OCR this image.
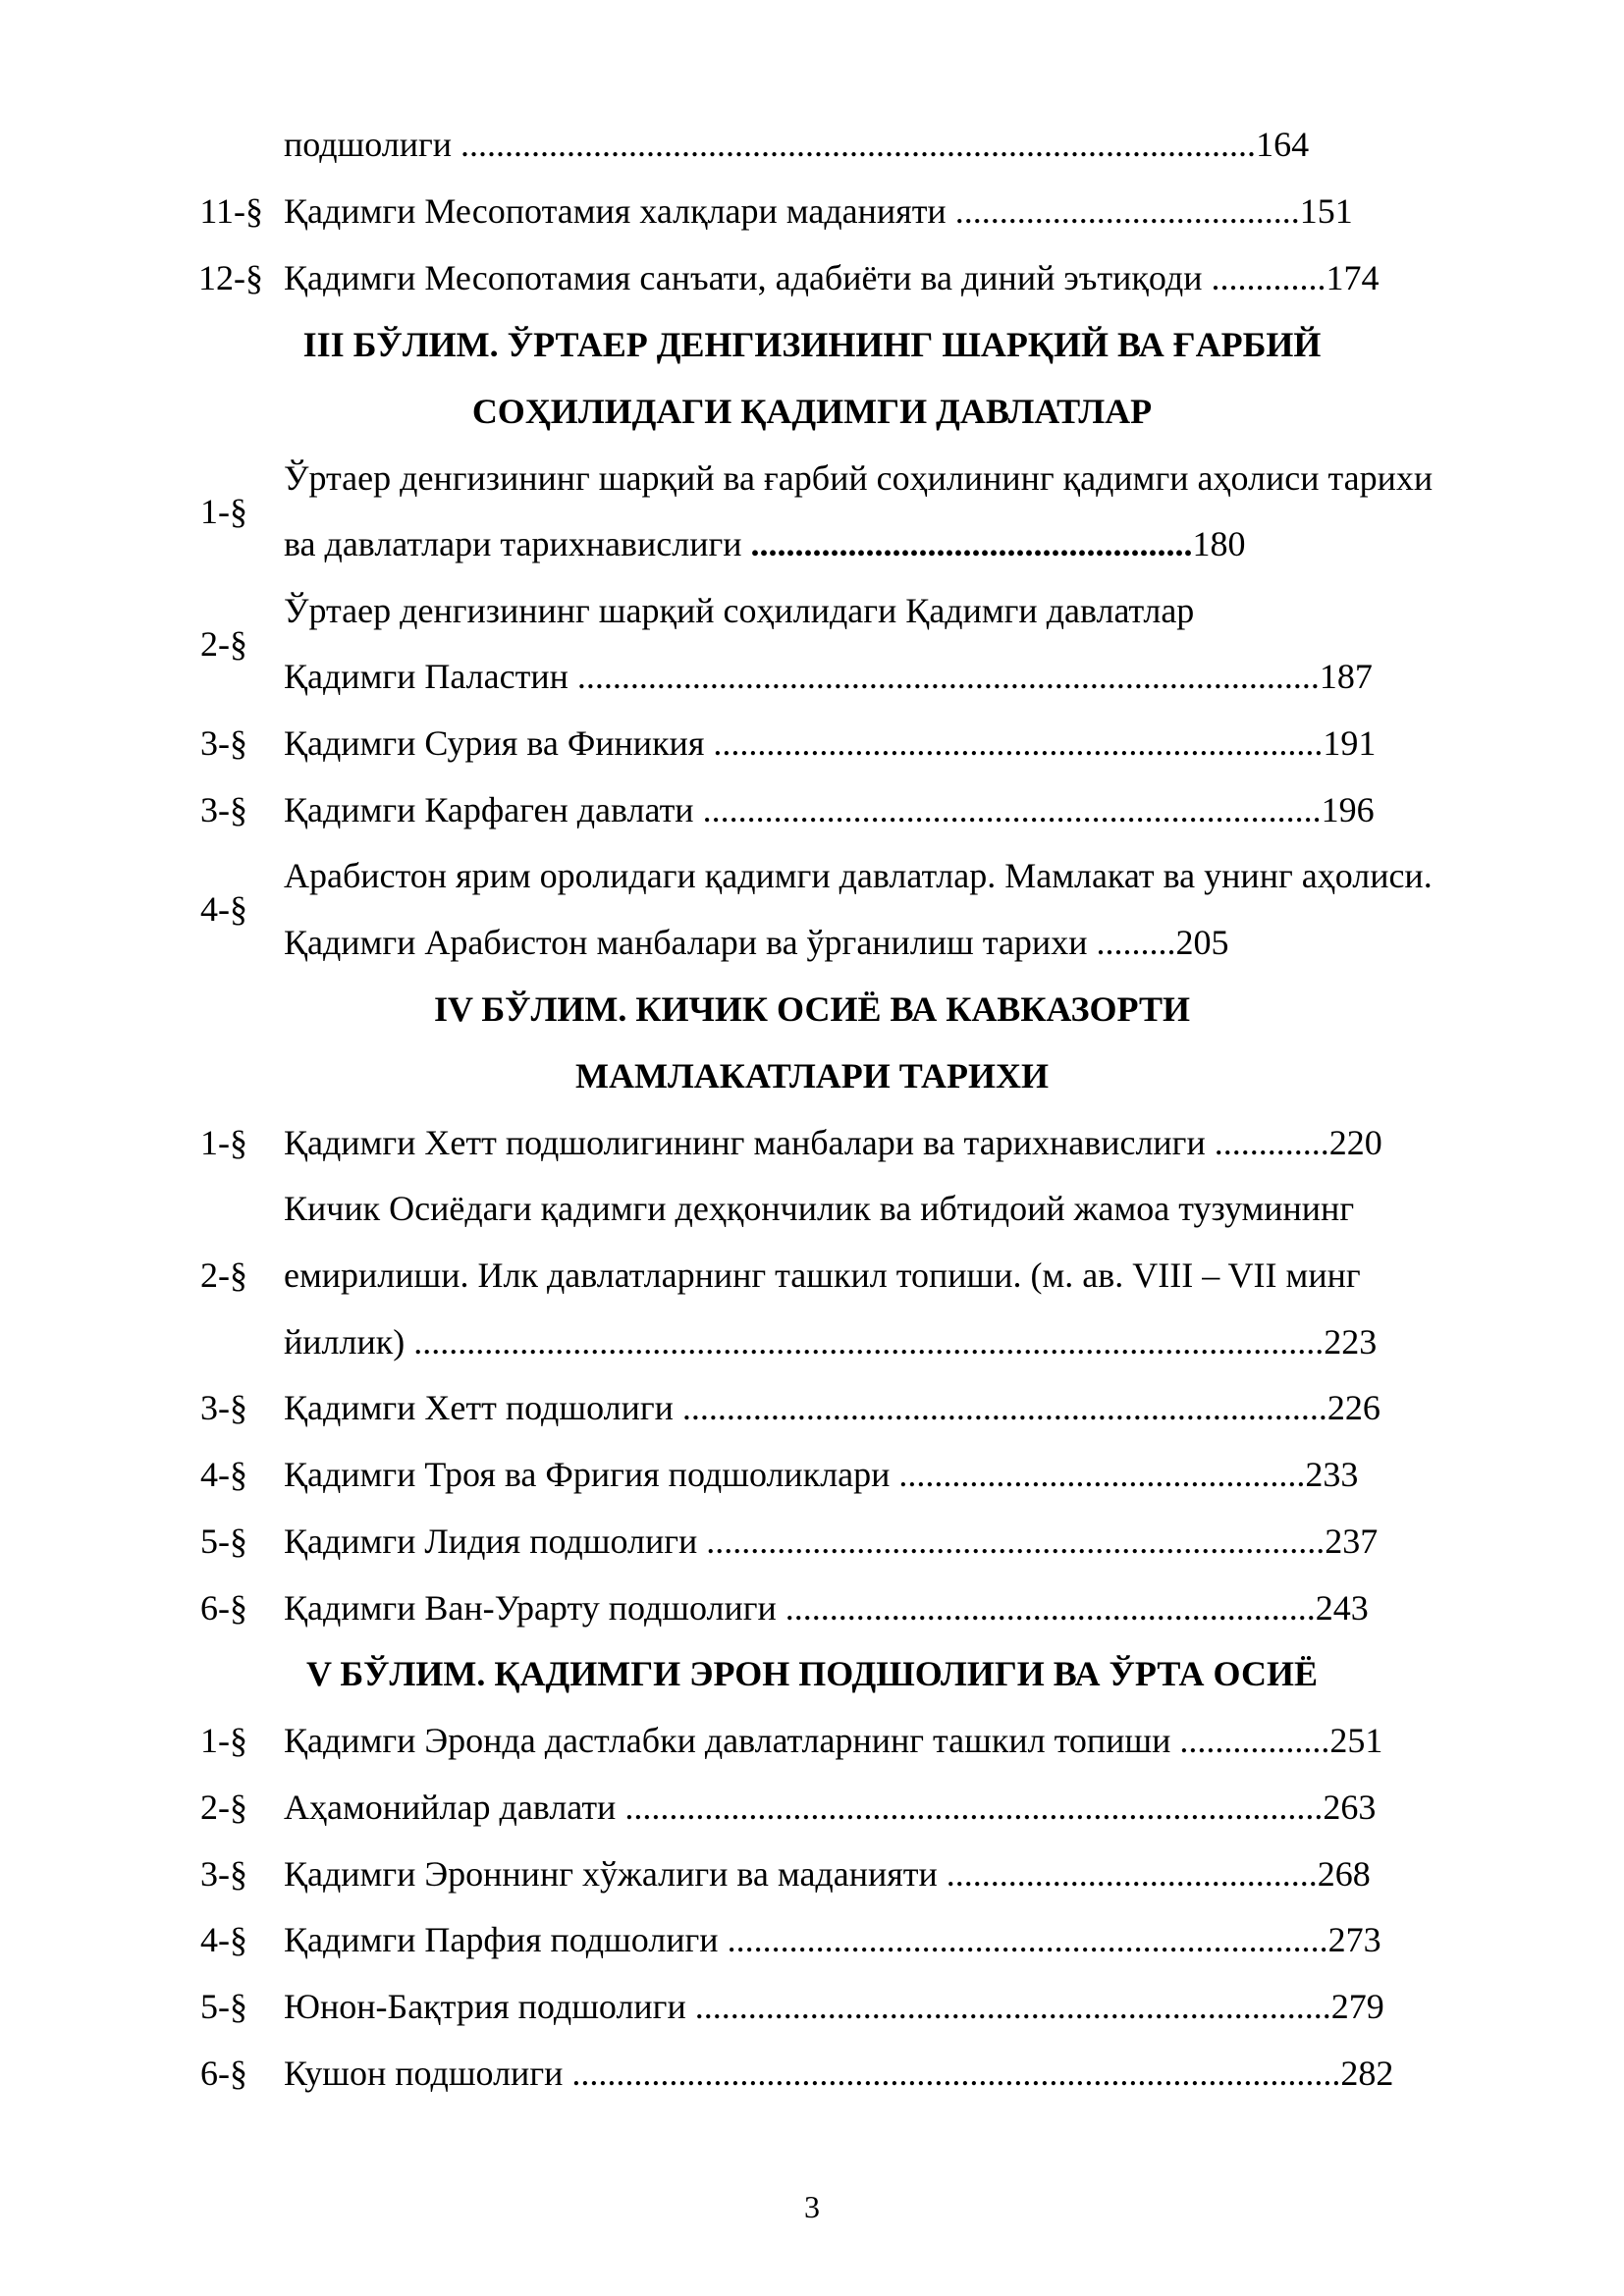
подшолиги ..........................................................................................164
11-§ Қадимги Месопотамия халқлари маданияти .......................................151
12-§ Қадимги Месопотамия санъати, адабиёти ва диний эътиқоди .............174
III БЎЛИМ. ЎРТАЕР ДЕНГИЗИНИНГ ШАРҚИЙ ВА ҒАРБИЙ
СОҲИЛИДАГИ ҚАДИМГИ ДАВЛАТЛАР
1-§
Ўртаер денгизининг шарқий ва ғарбий соҳилининг қадимги аҳолиси тарихи
ва давлатлари тарихнавислиги ..................................................180
2-§
Ўртаер денгизининг шарқий соҳилидаги Қадимги давлатлар
Қадимги Паластин ....................................................................................187
3-§ Қадимги Сурия ва Финикия .....................................................................191
3-§ Қадимги Карфаген давлати ......................................................................196
4-§
Арабистон ярим оролидаги қадимги давлатлар. Мамлакат ва унинг аҳолиси.
Қадимги Арабистон манбалари ва ўрганилиш тарихи .........205
IV БЎЛИМ. КИЧИК ОСИЁ ВА КАВКАЗОРТИ
МАМЛАКАТЛАРИ ТАРИХИ
1-§ Қадимги Хетт подшолигининг манбалари ва тарихнавислиги .............220
2-§
Кичик Осиёдаги қадимги деҳқончилик ва ибтидоий жамоа тузумининг
емирилиши. Илк давлатларнинг ташкил топиши. (м. ав. VIII – VII минг
йиллик) .......................................................................................................223
3-§ Қадимги Хетт подшолиги .........................................................................226
4-§ Қадимги Троя ва Фригия подшоликлари ..............................................233
5-§ Қадимги Лидия подшолиги ......................................................................237
6-§ Қадимги Ван-Урарту подшолиги ............................................................243
V БЎЛИМ. ҚАДИМГИ ЭРОН ПОДШОЛИГИ ВА ЎРТА ОСИЁ
1-§ Қадимги Эронда дастлабки давлатларнинг ташкил топиши .................251
2-§ Аҳамонийлар давлати ...............................................................................263
3-§ Қадимги Эроннинг хўжалиги ва маданияти ..........................................268
4-§ Қадимги Парфия подшолиги ....................................................................273
5-§ Юнон-Бақтрия подшолиги ........................................................................279
6-§ Кушон подшолиги .......................................................................................282
3
